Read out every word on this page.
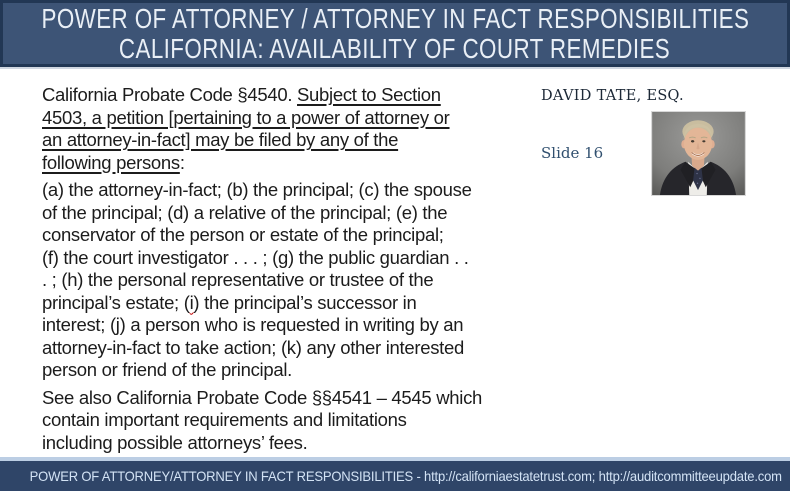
POWER OF ATTORNEY / ATTORNEY IN FACT RESPONSIBILITIES
CALIFORNIA: AVAILABILITY OF COURT REMEDIES

California Probate Code §4540. Subject to Section
4503, a petition [pertaining to a power of attorney or
an attorney-in-fact] may be filed by any of the
following persons:

(a) the attorney-in-fact; (b) the principal; (c) the spouse
of the principal; (d) a relative of the principal; (e) the
conservator of the person or estate of the principal;
(f) the court investigator . . . ; (g) the public guardian . .
. ; (h) the personal representative or trustee of the
principal’s estate; (i) the principal’s successor in
interest; (j) a person who is requested in writing by an
attorney-in-fact to take action; (k) any other interested
person or friend of the principal.

See also California Probate Code §§4541 – 4545 which
contain important requirements and limitations
including possible attorneys’ fees.

DAVID TATE, ESQ.
Slide 16

POWER OF ATTORNEY/ATTORNEY IN FACT RESPONSIBILITIES - http://californiaestatetrust.com; http://auditcommitteeupdate.com
